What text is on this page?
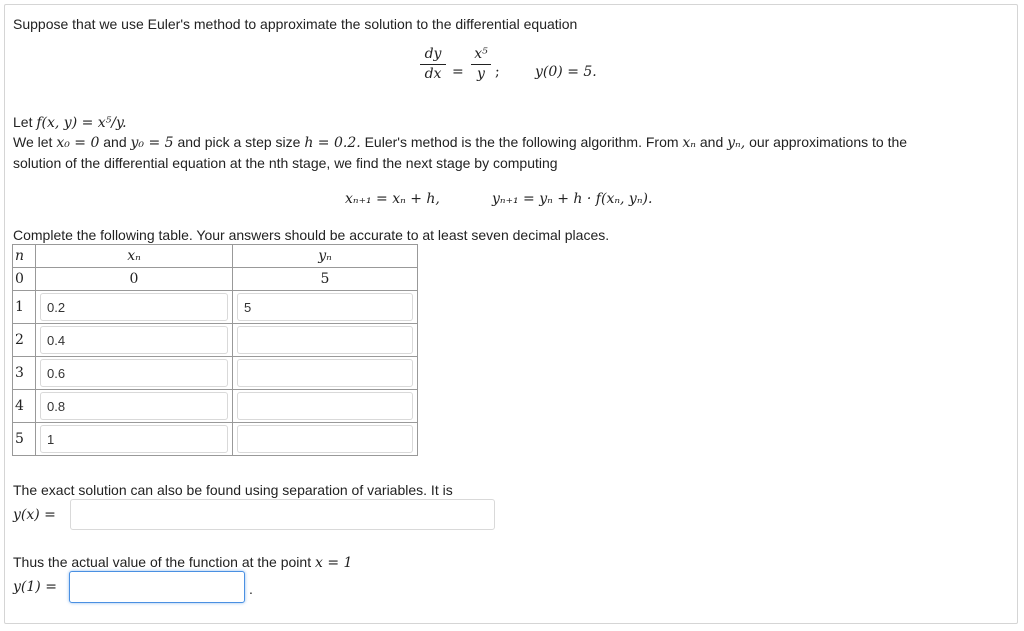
Suppose that we use Euler's method to approximate the solution to the differential equation
dy
dx =
x⁵
y ;	y(0) = 5.
Let f(x, y) = x⁵/y.
We let x₀ = 0 and y₀ = 5 and pick a step size h = 0.2. Euler's method is the the following algorithm. From xₙ and yₙ, our approximations to the
solution of the differential equation at the nth stage, we find the next stage by computing
xₙ₊₁ = xₙ + h,	yₙ₊₁ = yₙ + h · f(xₙ, yₙ).
Complete the following table. Your answers should be accurate to at least seven decimal places.
n	xₙ	yₙ
0	0	5
1	0.2	5

2	0.4	

3	0.6	

4	0.8	

5	1	

The exact solution can also be found using separation of variables. It is
y(x) =
Thus the actual value of the function at the point x = 1
y(1) =	.
